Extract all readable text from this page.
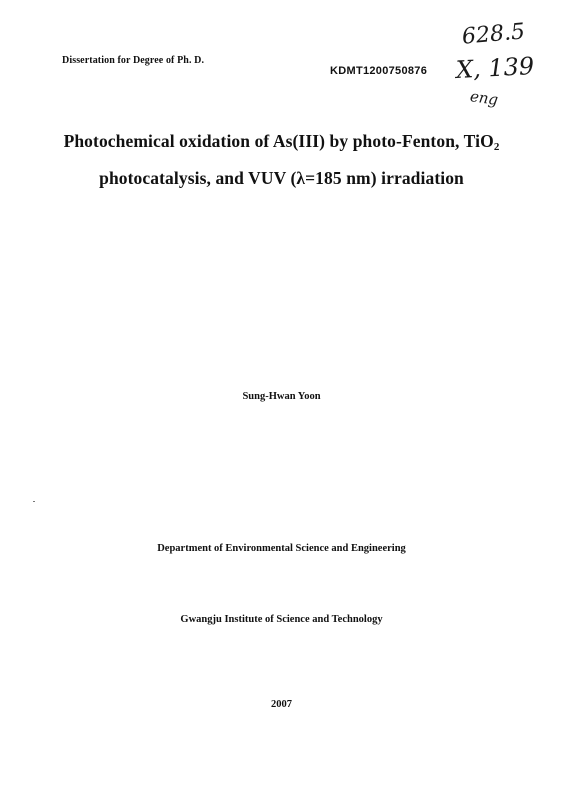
Dissertation for Degree of Ph. D.
KDMT1200750876
628.5
X, 139
eng
Photochemical oxidation of As(III) by photo-Fenton, TiO$_2$
photocatalysis, and VUV (λ=185 nm) irradiation
Sung-Hwan Yoon
Department of Environmental Science and Engineering
Gwangju Institute of Science and Technology
2007
